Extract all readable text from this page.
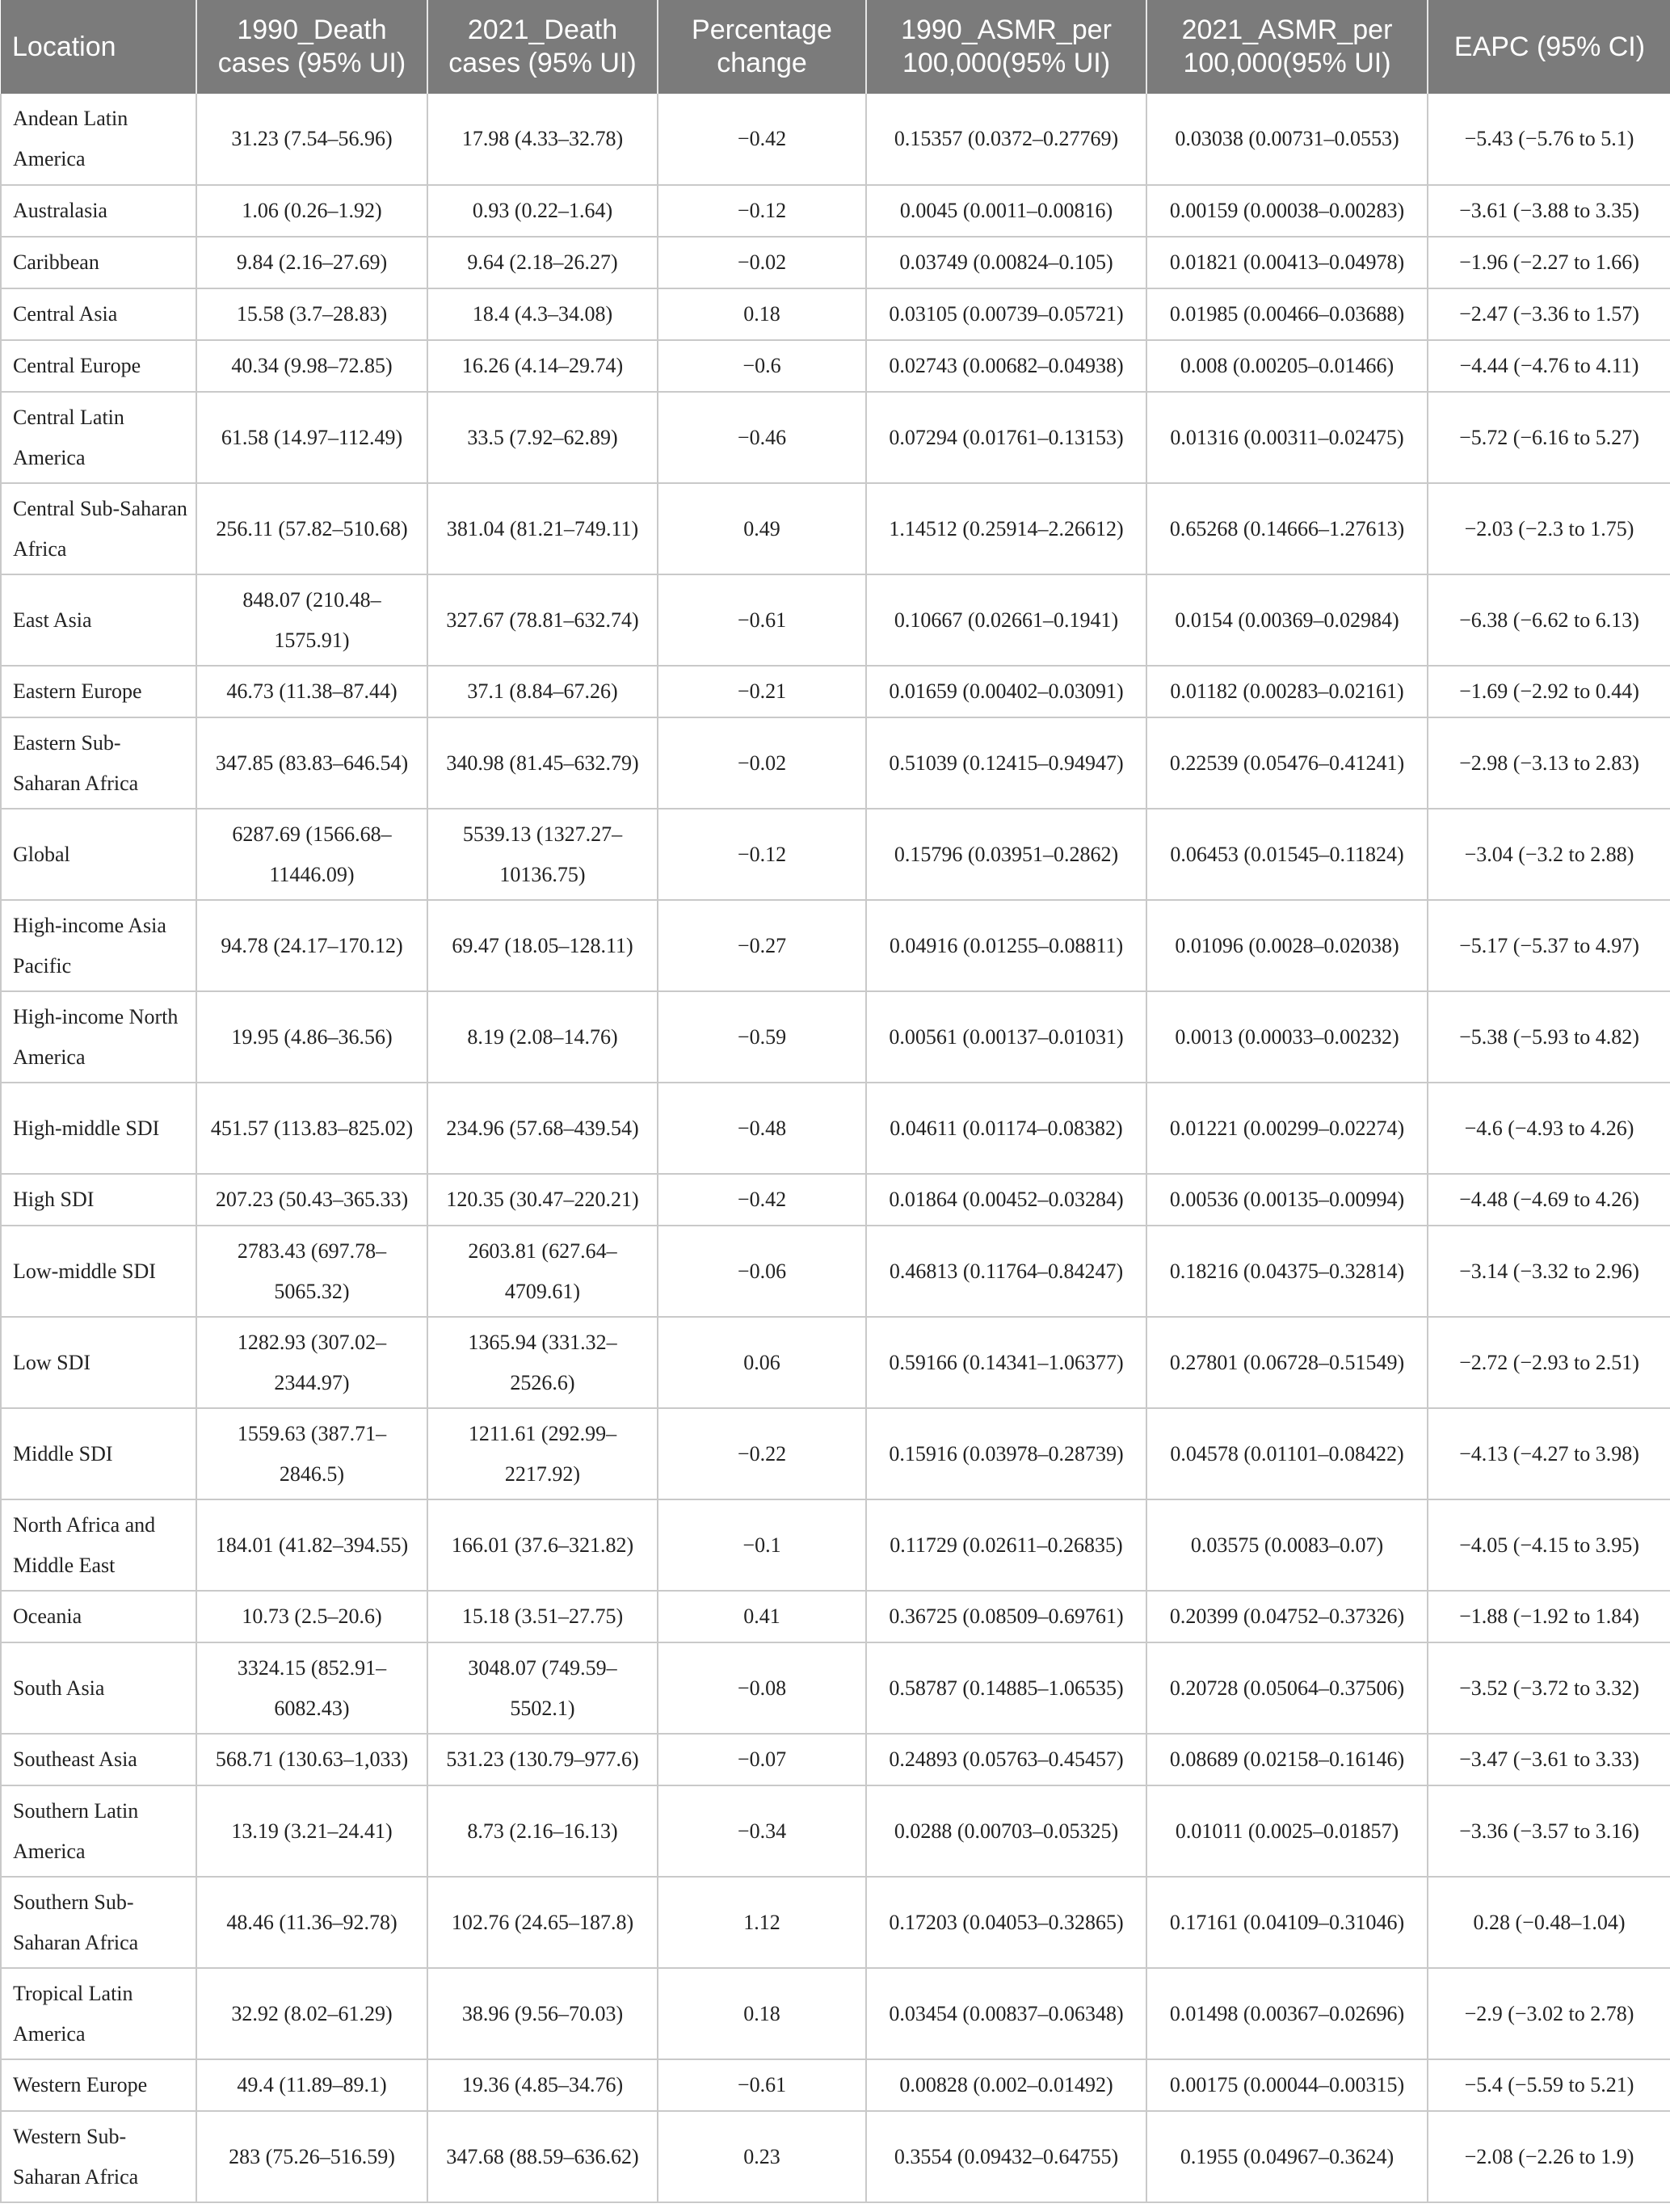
Location	1990_Death cases (95% UI)	2021_Death cases (95% UI)	Percentage change	1990_ASMR_per 100,000(95% UI)	2021_ASMR_per 100,000(95% UI)	EAPC (95% CI)
Andean Latin America	31.23 (7.54–56.96)	17.98 (4.33–32.78)	−0.42	0.15357 (0.0372–0.27769)	0.03038 (0.00731–0.0553)	−5.43 (−5.76 to 5.1)
Australasia	1.06 (0.26–1.92)	0.93 (0.22–1.64)	−0.12	0.0045 (0.0011–0.00816)	0.00159 (0.00038–0.00283)	−3.61 (−3.88 to 3.35)
Caribbean	9.84 (2.16–27.69)	9.64 (2.18–26.27)	−0.02	0.03749 (0.00824–0.105)	0.01821 (0.00413–0.04978)	−1.96 (−2.27 to 1.66)
Central Asia	15.58 (3.7–28.83)	18.4 (4.3–34.08)	0.18	0.03105 (0.00739–0.05721)	0.01985 (0.00466–0.03688)	−2.47 (−3.36 to 1.57)
Central Europe	40.34 (9.98–72.85)	16.26 (4.14–29.74)	−0.6	0.02743 (0.00682–0.04938)	0.008 (0.00205–0.01466)	−4.44 (−4.76 to 4.11)
Central Latin America	61.58 (14.97–112.49)	33.5 (7.92–62.89)	−0.46	0.07294 (0.01761–0.13153)	0.01316 (0.00311–0.02475)	−5.72 (−6.16 to 5.27)
Central Sub-Saharan Africa	256.11 (57.82–510.68)	381.04 (81.21–749.11)	0.49	1.14512 (0.25914–2.26612)	0.65268 (0.14666–1.27613)	−2.03 (−2.3 to 1.75)
East Asia	848.07 (210.48–1575.91)	327.67 (78.81–632.74)	−0.61	0.10667 (0.02661–0.1941)	0.0154 (0.00369–0.02984)	−6.38 (−6.62 to 6.13)
Eastern Europe	46.73 (11.38–87.44)	37.1 (8.84–67.26)	−0.21	0.01659 (0.00402–0.03091)	0.01182 (0.00283–0.02161)	−1.69 (−2.92 to 0.44)
Eastern Sub-Saharan Africa	347.85 (83.83–646.54)	340.98 (81.45–632.79)	−0.02	0.51039 (0.12415–0.94947)	0.22539 (0.05476–0.41241)	−2.98 (−3.13 to 2.83)
Global	6287.69 (1566.68–11446.09)	5539.13 (1327.27–10136.75)	−0.12	0.15796 (0.03951–0.2862)	0.06453 (0.01545–0.11824)	−3.04 (−3.2 to 2.88)
High-income Asia Pacific	94.78 (24.17–170.12)	69.47 (18.05–128.11)	−0.27	0.04916 (0.01255–0.08811)	0.01096 (0.0028–0.02038)	−5.17 (−5.37 to 4.97)
High-income North America	19.95 (4.86–36.56)	8.19 (2.08–14.76)	−0.59	0.00561 (0.00137–0.01031)	0.0013 (0.00033–0.00232)	−5.38 (−5.93 to 4.82)
High-middle SDI	451.57 (113.83–825.02)	234.96 (57.68–439.54)	−0.48	0.04611 (0.01174–0.08382)	0.01221 (0.00299–0.02274)	−4.6 (−4.93 to 4.26)
High SDI	207.23 (50.43–365.33)	120.35 (30.47–220.21)	−0.42	0.01864 (0.00452–0.03284)	0.00536 (0.00135–0.00994)	−4.48 (−4.69 to 4.26)
Low-middle SDI	2783.43 (697.78–5065.32)	2603.81 (627.64–4709.61)	−0.06	0.46813 (0.11764–0.84247)	0.18216 (0.04375–0.32814)	−3.14 (−3.32 to 2.96)
Low SDI	1282.93 (307.02–2344.97)	1365.94 (331.32–2526.6)	0.06	0.59166 (0.14341–1.06377)	0.27801 (0.06728–0.51549)	−2.72 (−2.93 to 2.51)
Middle SDI	1559.63 (387.71–2846.5)	1211.61 (292.99–2217.92)	−0.22	0.15916 (0.03978–0.28739)	0.04578 (0.01101–0.08422)	−4.13 (−4.27 to 3.98)
North Africa and Middle East	184.01 (41.82–394.55)	166.01 (37.6–321.82)	−0.1	0.11729 (0.02611–0.26835)	0.03575 (0.0083–0.07)	−4.05 (−4.15 to 3.95)
Oceania	10.73 (2.5–20.6)	15.18 (3.51–27.75)	0.41	0.36725 (0.08509–0.69761)	0.20399 (0.04752–0.37326)	−1.88 (−1.92 to 1.84)
South Asia	3324.15 (852.91–6082.43)	3048.07 (749.59–5502.1)	−0.08	0.58787 (0.14885–1.06535)	0.20728 (0.05064–0.37506)	−3.52 (−3.72 to 3.32)
Southeast Asia	568.71 (130.63–1,033)	531.23 (130.79–977.6)	−0.07	0.24893 (0.05763–0.45457)	0.08689 (0.02158–0.16146)	−3.47 (−3.61 to 3.33)
Southern Latin America	13.19 (3.21–24.41)	8.73 (2.16–16.13)	−0.34	0.0288 (0.00703–0.05325)	0.01011 (0.0025–0.01857)	−3.36 (−3.57 to 3.16)
Southern Sub-Saharan Africa	48.46 (11.36–92.78)	102.76 (24.65–187.8)	1.12	0.17203 (0.04053–0.32865)	0.17161 (0.04109–0.31046)	0.28 (−0.48–1.04)
Tropical Latin America	32.92 (8.02–61.29)	38.96 (9.56–70.03)	0.18	0.03454 (0.00837–0.06348)	0.01498 (0.00367–0.02696)	−2.9 (−3.02 to 2.78)
Western Europe	49.4 (11.89–89.1)	19.36 (4.85–34.76)	−0.61	0.00828 (0.002–0.01492)	0.00175 (0.00044–0.00315)	−5.4 (−5.59 to 5.21)
Western Sub-Saharan Africa	283 (75.26–516.59)	347.68 (88.59–636.62)	0.23	0.3554 (0.09432–0.64755)	0.1955 (0.04967–0.3624)	−2.08 (−2.26 to 1.9)
